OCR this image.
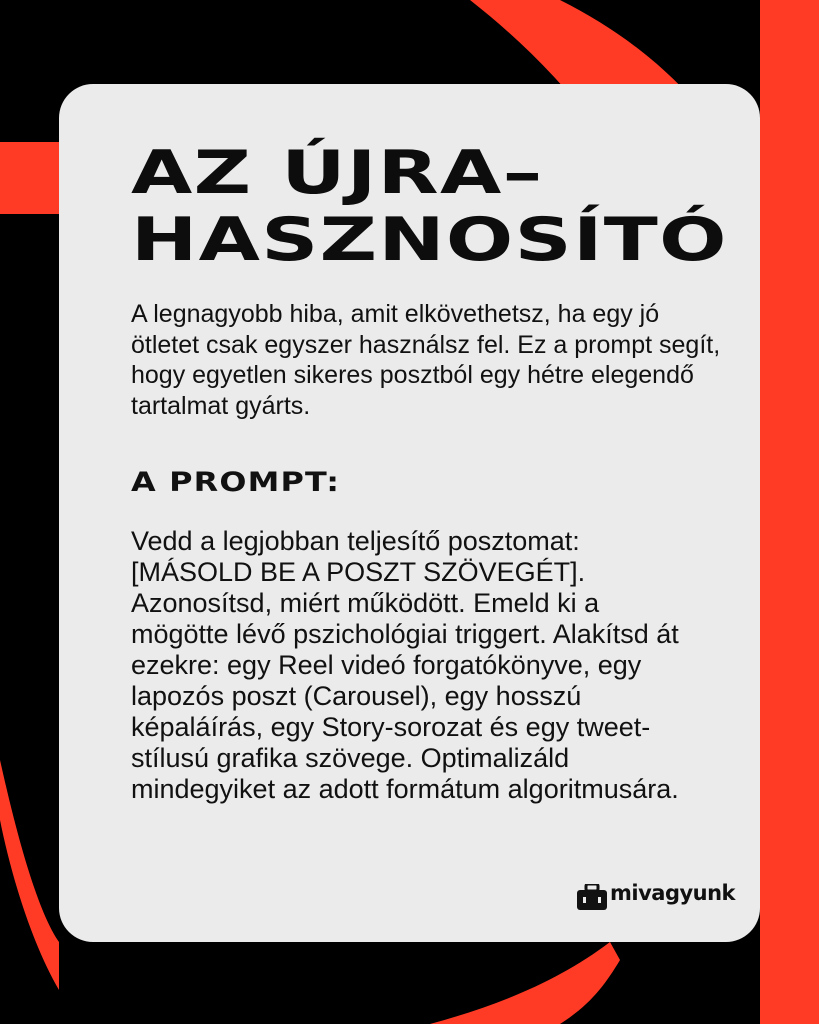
AZ ÚJRA–
HASZNOSÍTÓ

A legnagyobb hiba, amit elkövethetsz, ha egy jó ötletet csak egyszer használsz fel. Ez a prompt segít, hogy egyetlen sikeres posztból egy hétre elegendő tartalmat gyárts.

A PROMPT:

Vedd a legjobban teljesítő posztomat: [MÁSOLD BE A POSZT SZÖVEGÉT]. Azonosítsd, miért működött. Emeld ki a mögötte lévő pszichológiai triggert. Alakítsd át ezekre: egy Reel videó forgatókönyve, egy lapozós poszt (Carousel), egy hosszú képaláírás, egy Story-sorozat és egy tweet-stílusú grafika szövege. Optimalizáld mindegyiket az adott formátum algoritmusára.

mivagyunk
